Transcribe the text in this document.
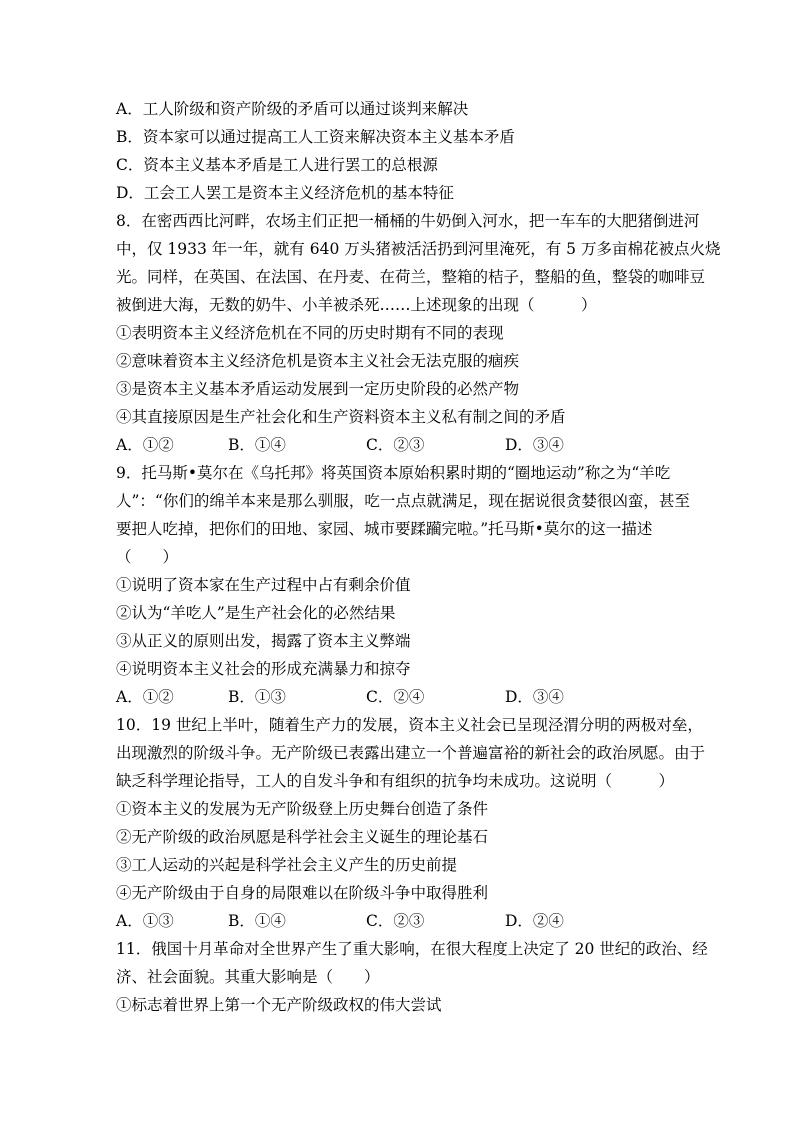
A．工人阶级和资产阶级的矛盾可以通过谈判来解决
B．资本家可以通过提高工人工资来解决资本主义基本矛盾
C．资本主义基本矛盾是工人进行罢工的总根源
D．工会工人罢工是资本主义经济危机的基本特征
8．在密西西比河畔，农场主们正把一桶桶的牛奶倒入河水，把一车车的大肥猪倒进河
中，仅 1933 年一年，就有 640 万头猪被活活扔到河里淹死，有 5 万多亩棉花被点火烧
光。同样，在英国、在法国、在丹麦、在荷兰，整箱的桔子，整船的鱼，整袋的咖啡豆
被倒进大海，无数的奶牛、小羊被杀死……上述现象的出现（　　　）
①表明资本主义经济危机在不同的历史时期有不同的表现
②意味着资本主义经济危机是资本主义社会无法克服的痼疾
③是资本主义基本矛盾运动发展到一定历史阶段的必然产物
④其直接原因是生产社会化和生产资料资本主义私有制之间的矛盾
A．①②	B．①④	C．②③	D．③④
9．托马斯•莫尔在《乌托邦》将英国资本原始积累时期的“圈地运动”称之为“羊吃
人”：“你们的绵羊本来是那么驯服，吃一点点就满足，现在据说很贪婪很凶蛮，甚至
要把人吃掉，把你们的田地、家园、城市要蹂躏完啦。”托马斯•莫尔的这一描述
（　　）
①说明了资本家在生产过程中占有剩余价值
②认为“羊吃人”是生产社会化的必然结果
③从正义的原则出发，揭露了资本主义弊端
④说明资本主义社会的形成充满暴力和掠夺
A．①②	B．①③	C．②④	D．③④
10．19 世纪上半叶，随着生产力的发展，资本主义社会已呈现泾渭分明的两极对垒，
出现激烈的阶级斗争。无产阶级已表露出建立一个普遍富裕的新社会的政治夙愿。由于
缺乏科学理论指导，工人的自发斗争和有组织的抗争均未成功。这说明（　　　）
①资本主义的发展为无产阶级登上历史舞台创造了条件
②无产阶级的政治夙愿是科学社会主义诞生的理论基石
③工人运动的兴起是科学社会主义产生的历史前提
④无产阶级由于自身的局限难以在阶级斗争中取得胜利
A．①③	B．①④	C．②③	D．②④
11．俄国十月革命对全世界产生了重大影响，在很大程度上决定了 20 世纪的政治、经
济、社会面貌。其重大影响是（　　）
①标志着世界上第一个无产阶级政权的伟大尝试
